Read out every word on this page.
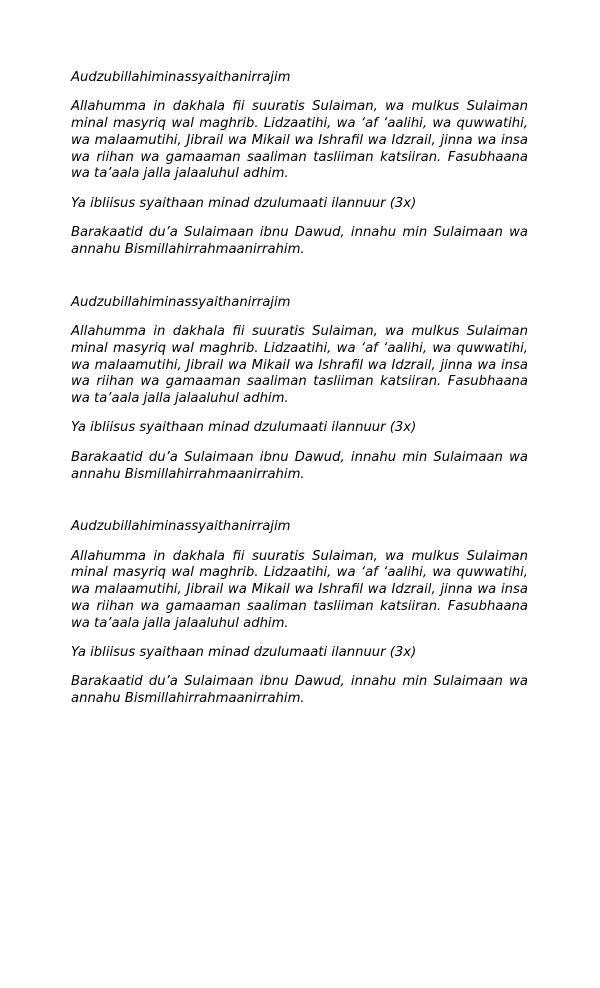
Audzubillahiminassyaithanirrajim

Allahumma in dakhala fii suuratis Sulaiman, wa mulkus Sulaiman minal masyriq wal maghrib. Lidzaatihi, wa ‘af ‘aalihi, wa quwwatihi, wa malaamutihi, Jibrail wa Mikail wa Ishrafil wa Idzrail, jinna wa insa wa riihan wa gamaaman saaliman tasliiman katsiiran. Fasubhaana wa ta’aala jalla jalaaluhul adhim.

Ya ibliisus syaithaan minad dzulumaati ilannuur (3x)

Barakaatid du’a Sulaimaan ibnu Dawud, innahu min Sulaimaan wa annahu Bismillahirrahmaanirrahim.

Audzubillahiminassyaithanirrajim

Allahumma in dakhala fii suuratis Sulaiman, wa mulkus Sulaiman minal masyriq wal maghrib. Lidzaatihi, wa ‘af ‘aalihi, wa quwwatihi, wa malaamutihi, Jibrail wa Mikail wa Ishrafil wa Idzrail, jinna wa insa wa riihan wa gamaaman saaliman tasliiman katsiiran. Fasubhaana wa ta’aala jalla jalaaluhul adhim.

Ya ibliisus syaithaan minad dzulumaati ilannuur (3x)

Barakaatid du’a Sulaimaan ibnu Dawud, innahu min Sulaimaan wa annahu Bismillahirrahmaanirrahim.

Audzubillahiminassyaithanirrajim

Allahumma in dakhala fii suuratis Sulaiman, wa mulkus Sulaiman minal masyriq wal maghrib. Lidzaatihi, wa ‘af ‘aalihi, wa quwwatihi, wa malaamutihi, Jibrail wa Mikail wa Ishrafil wa Idzrail, jinna wa insa wa riihan wa gamaaman saaliman tasliiman katsiiran. Fasubhaana wa ta’aala jalla jalaaluhul adhim.

Ya ibliisus syaithaan minad dzulumaati ilannuur (3x)

Barakaatid du’a Sulaimaan ibnu Dawud, innahu min Sulaimaan wa annahu Bismillahirrahmaanirrahim.
